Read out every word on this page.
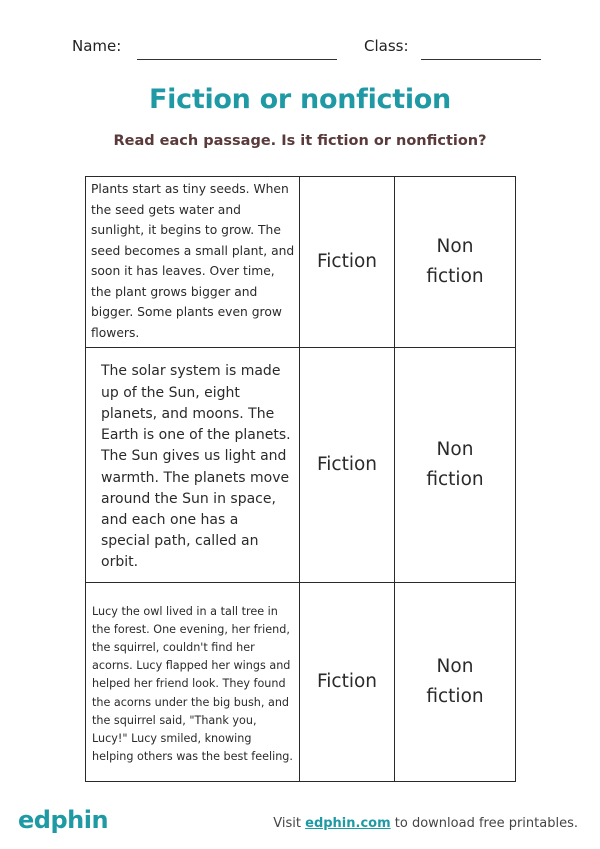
Name:	Class:
Fiction or nonfiction
Read each passage. Is it fiction or nonfiction?
Plants start as tiny seeds. When the seed gets water and sunlight, it begins to grow. The seed becomes a small plant, and soon it has leaves. Over time, the plant grows bigger and bigger. Some plants even grow flowers.	Fiction	Non
fiction

The solar system is made up of the Sun, eight planets, and moons. The Earth is one of the planets. The Sun gives us light and warmth. The planets move around the Sun in space, and each one has a special path, called an orbit.	Fiction	Non
fiction

Lucy the owl lived in a tall tree in the forest. One evening, her friend, the squirrel, couldn't find her acorns. Lucy flapped her wings and helped her friend look. They found the acorns under the big bush, and the squirrel said, "Thank you, Lucy!" Lucy smiled, knowing helping others was the best feeling.	Fiction	Non
fiction
edphin	Visit edphin.com to download free printables.
